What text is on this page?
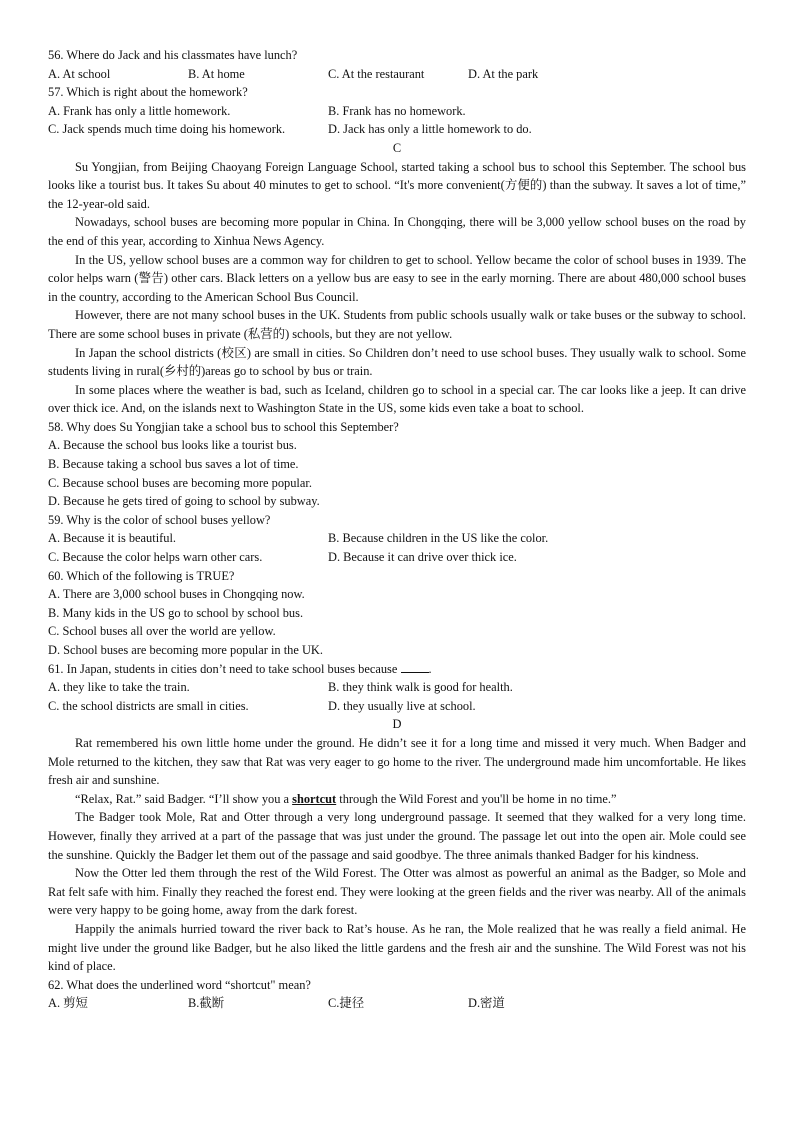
56. Where do Jack and his classmates have lunch?
A. At school	B. At home	C. At the restaurant	D. At the park
57. Which is right about the homework?
A. Frank has only a little homework.	B. Frank has no homework.
C. Jack spends much time doing his homework.	D. Jack has only a little homework to do.
C

Su Yongjian, from Beijing Chaoyang Foreign Language School, started taking a school bus to school this September. The school bus looks like a tourist bus. It takes Su about 40 minutes to get to school. “It's more convenient(方便的) than the subway. It saves a lot of time,” the 12-year-old said.

Nowadays, school buses are becoming more popular in China. In Chongqing, there will be 3,000 yellow school buses on the road by the end of this year, according to Xinhua News Agency.

In the US, yellow school buses are a common way for children to get to school. Yellow became the color of school buses in 1939. The color helps warn (警告) other cars. Black letters on a yellow bus are easy to see in the early morning. There are about 480,000 school buses in the country, according to the American School Bus Council.

However, there are not many school buses in the UK. Students from public schools usually walk or take buses or the subway to school. There are some school buses in private (私营的) schools, but they are not yellow.

In Japan the school districts (校区) are small in cities. So Children don’t need to use school buses. They usually walk to school. Some students living in rural(乡村的)areas go to school by bus or train.

In some places where the weather is bad, such as Iceland, children go to school in a special car. The car looks like a jeep. It can drive over thick ice. And, on the islands next to Washington State in the US, some kids even take a boat to school.

58. Why does Su Yongjian take a school bus to school this September?
A. Because the school bus looks like a tourist bus.
B. Because taking a school bus saves a lot of time.
C. Because school buses are becoming more popular.
D. Because he gets tired of going to school by subway.
59. Why is the color of school buses yellow?
A. Because it is beautiful.	B. Because children in the US like the color.
C. Because the color helps warn other cars.	D. Because it can drive over thick ice.
60. Which of the following is TRUE?
A. There are 3,000 school buses in Chongqing now.
B. Many kids in the US go to school by school bus.
C. School buses all over the world are yellow.
D. School buses are becoming more popular in the UK.
61. In Japan, students in cities don’t need to take school buses because	.
A. they like to take the train.	B. they think walk is good for health.
C. the school districts are small in cities.	D. they usually live at school.
D

Rat remembered his own little home under the ground. He didn’t see it for a long time and missed it very much. When Badger and Mole returned to the kitchen, they saw that Rat was very eager to go home to the river. The underground made him uncomfortable. He likes fresh air and sunshine.

“Relax, Rat.” said Badger. “I’ll show you a shortcut through the Wild Forest and you'll be home in no time.”

The Badger took Mole, Rat and Otter through a very long underground passage. It seemed that they walked for a very long time. However, finally they arrived at a part of the passage that was just under the ground. The passage let out into the open air. Mole could see the sunshine. Quickly the Badger let them out of the passage and said goodbye. The three animals thanked Badger for his kindness.

Now the Otter led them through the rest of the Wild Forest. The Otter was almost as powerful an animal as the Badger, so Mole and Rat felt safe with him. Finally they reached the forest end. They were looking at the green fields and the river was nearby. All of the animals were very happy to be going home, away from the dark forest.

Happily the animals hurried toward the river back to Rat’s house. As he ran, the Mole realized that he was really a field animal. He might live under the ground like Badger, but he also liked the little gardens and the fresh air and the sunshine. The Wild Forest was not his kind of place.

62. What does the underlined word “shortcut" mean?
A. 剪短	B.截断	C.捷径	D.密道
